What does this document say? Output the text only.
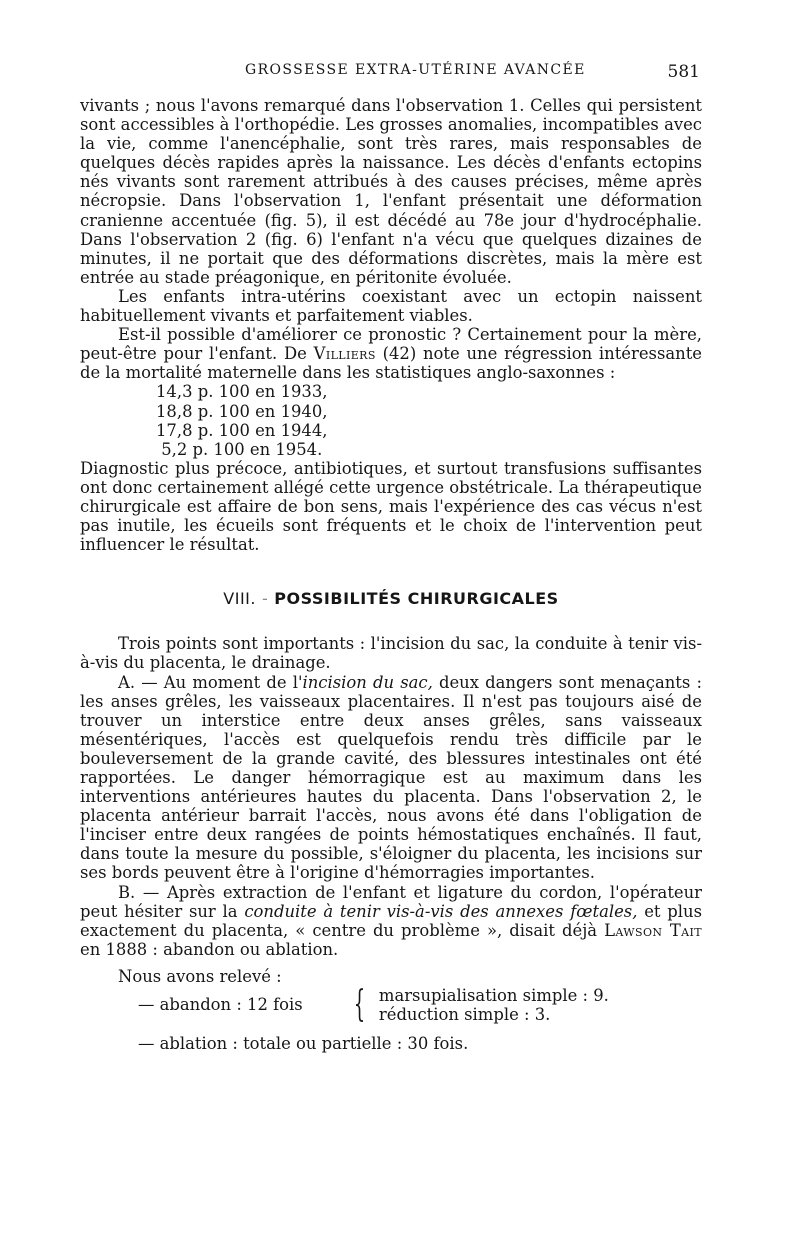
GROSSESSE EXTRA-UTÉRINE AVANCÉE	581

vivants ; nous l'avons remarqué dans l'observation 1. Celles qui persistent sont accessibles à l'orthopédie. Les grosses anomalies, incompatibles avec la vie, comme l'anencéphalie, sont très rares, mais responsables de quelques décès rapides après la naissance. Les décès d'enfants ectopins nés vivants sont rarement attribués à des causes précises, même après nécropsie. Dans l'observation 1, l'enfant présentait une déformation cranienne accentuée (fig. 5), il est décédé au 78e jour d'hydrocéphalie. Dans l'observation 2 (fig. 6) l'enfant n'a vécu que quelques dizaines de minutes, il ne portait que des déformations discrètes, mais la mère est entrée au stade préagonique, en péritonite évoluée.

Les enfants intra-utérins coexistant avec un ectopin naissent habituellement vivants et parfaitement viables.

Est-il possible d'améliorer ce pronostic ? Certainement pour la mère, peut-être pour l'enfant. De Villiers (42) note une régression intéressante de la mortalité maternelle dans les statistiques anglo-saxonnes :

14,3 p. 100 en 1933,
18,8 p. 100 en 1940,
17,8 p. 100 en 1944,
5,2 p. 100 en 1954.

Diagnostic plus précoce, antibiotiques, et surtout transfusions suffisantes ont donc certainement allégé cette urgence obstétricale. La thérapeutique chirurgicale est affaire de bon sens, mais l'expérience des cas vécus n'est pas inutile, les écueils sont fréquents et le choix de l'intervention peut influencer le résultat.

VIII. - POSSIBILITÉS CHIRURGICALES

Trois points sont importants : l'incision du sac, la conduite à tenir vis-à-vis du placenta, le drainage.

A. — Au moment de l'incision du sac, deux dangers sont menaçants : les anses grêles, les vaisseaux placentaires. Il n'est pas toujours aisé de trouver un interstice entre deux anses grêles, sans vaisseaux mésentériques, l'accès est quelquefois rendu très difficile par le bouleversement de la grande cavité, des blessures intestinales ont été rapportées. Le danger hémorragique est au maximum dans les interventions antérieures hautes du placenta. Dans l'observation 2, le placenta antérieur barrait l'accès, nous avons été dans l'obligation de l'inciser entre deux rangées de points hémostatiques enchaînés. Il faut, dans toute la mesure du possible, s'éloigner du placenta, les incisions sur ses bords peuvent être à l'origine d'hémorragies importantes.

B. — Après extraction de l'enfant et ligature du cordon, l'opérateur peut hésiter sur la conduite à tenir vis-à-vis des annexes fœtales, et plus exactement du placenta, « centre du problème », disait déjà Lawson Tait en 1888 : abandon ou ablation.

Nous avons relevé :

— abandon : 12 fois	{ marsupialisation simple : 9.
réduction simple : 3.
— ablation : totale ou partielle : 30 fois.
